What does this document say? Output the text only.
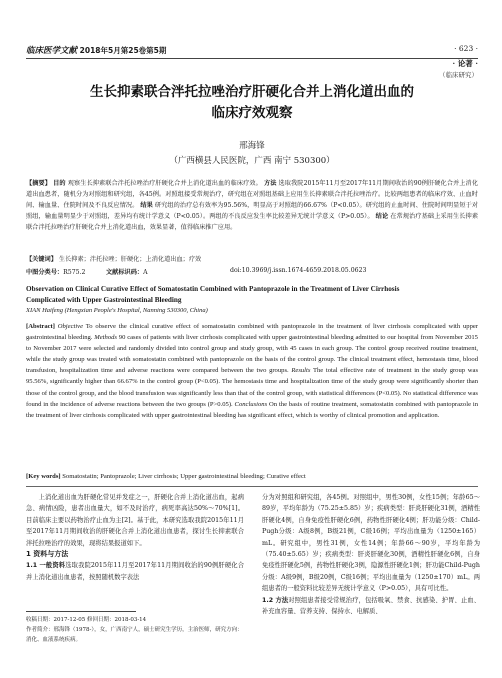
临床医学文献 2018年5月第25卷第5期	· 623 ·
· 论著 ·
（临床研究）
生长抑素联合泮托拉唑治疗肝硬化合并上消化道出血的
临床疗效观察
邢海锋
（广西横县人民医院，广西 南宁 530300）
【摘要】 目的 观察生长抑素联合泮托拉唑治疗肝硬化合并上消化道出血的临床疗效。 方法 选取我院2015年11月至2017年11月期间收治的90例肝硬化合并上消化道出血患者，随机分为对照组和研究组，各45例。对照组接受常规治疗，研究组在对照组基础上应用生长抑素联合泮托拉唑治疗。比较两组患者的临床疗效、止血时间、输血量、住院时间及不良反应情况。 结果 研究组的治疗总有效率为95.56%，明显高于对照组的66.67%（P<0.05）。研究组的止血时间、住院时间明显短于对照组，输血量明显少于对照组，差异均有统计学意义（P<0.05）。两组的不良反应发生率比较差异无统计学意义（P>0.05）。 结论 在常规治疗基础上采用生长抑素联合泮托拉唑治疗肝硬化合并上消化道出血，效果显著，值得临床推广应用。
【关键词】 生长抑素；泮托拉唑；肝硬化；上消化道出血；疗效
中图分类号：R575.2	文献标识码：A	doi:10.3969/j.issn.1674-4659.2018.05.0623
Observation on Clinical Curative Effect of Somatostatin Combined with Pantoprazole in the Treatment of Liver Cirrhosis
Complicated with Upper Gastrointestinal Bleeding
XIAN Haifeng (Hengxian People's Hospital, Nanning 530300, China)
[Abstract] Objective To observe the clinical curative effect of somatostatin combined with pantoprazole in the treatment of liver cirrhosis complicated with upper gastrointestinal bleeding. Methods 90 cases of patients with liver cirrhosis complicated with upper gastrointestinal bleeding admitted to our hospital from November 2015 to November 2017 were selected and randomly divided into control group and study group, with 45 cases in each group. The control group received routine treatment, while the study group was treated with somatostatin combined with pantoprazole on the basis of the control group. The clinical treatment effect, hemostasis time, blood transfusion, hospitalization time and adverse reactions were compared between the two groups. Results The total effective rate of treatment in the study group was 95.56%, significantly higher than 66.67% in the control group (P<0.05). The hemostasis time and hospitalization time of the study group were significantly shorter than those of the control group, and the blood transfusion was significantly less than that of the control group, with statistical differences (P<0.05). No statistical difference was found in the incidence of adverse reactions between the two groups (P>0.05). Conclusions On the basis of routine treatment, somatostatin combined with pantoprazole in the treatment of liver cirrhosis complicated with upper gastrointestinal bleeding has significant effect, which is worthy of clinical promotion and application.
[Key words] Somatostatin; Pantoprazole; Liver cirrhosis; Upper gastrointestinal bleeding; Curative effect

上消化道出血为肝硬化常见并发症之一，肝硬化合并上消化道出血，起病急、病情凶险，患者出血量大，如不及时治疗，病死率高达50%～70%[1]。目前临床主要以药物治疗止血为主[2]。基于此，本研究选取我院2015年11月至2017年11月期间收治的肝硬化合并上消化道出血患者，探讨生长抑素联合泮托拉唑治疗的效果，现将结果报道如下。

1 资料与方法

1.1 一般资料选取我院2015年11月至2017年11月期间收治的90例肝硬化合并上消化道出血患者，按照随机数字表法

收稿日期：2017-12-05 修回日期：2018-03-14
作者简介：邢海锋（1978-），女，广西南宁人，硕士研究生学历，主治医师，研究方向：消化、血液系统疾病。

分为对照组和研究组，各45例。对照组中，男性30例，女性15例；年龄65～89岁，平均年龄为（75.25±5.85）岁；疾病类型：肝炎肝硬化31例，酒精性肝硬化4例，自身免疫性肝硬化6例，药物性肝硬化4例；肝功能分级：Child-Pugh分级：A级8例，B级21例，C级16例；平均出血量为（1250±165）mL。研究组中，男性31例，女性14例；年龄66～90岁，平均年龄为（75.40±5.65）岁；疾病类型：肝炎肝硬化30例，酒精性肝硬化6例，自身免疫性肝硬化5例，药物性肝硬化3例，隐源性肝硬化1例；肝功能Child-Pugh分级：A级9例，B级20例，C级16例；平均出血量为（1250±170）mL。两组患者的一般资料比较差异无统计学意义（P>0.05），具有可比性。

1.2 方法对照组患者接受常规治疗，包括吸氧、禁食、抗感染、护胃、止血、补充血容量、营养支持、保持水、电解质、
